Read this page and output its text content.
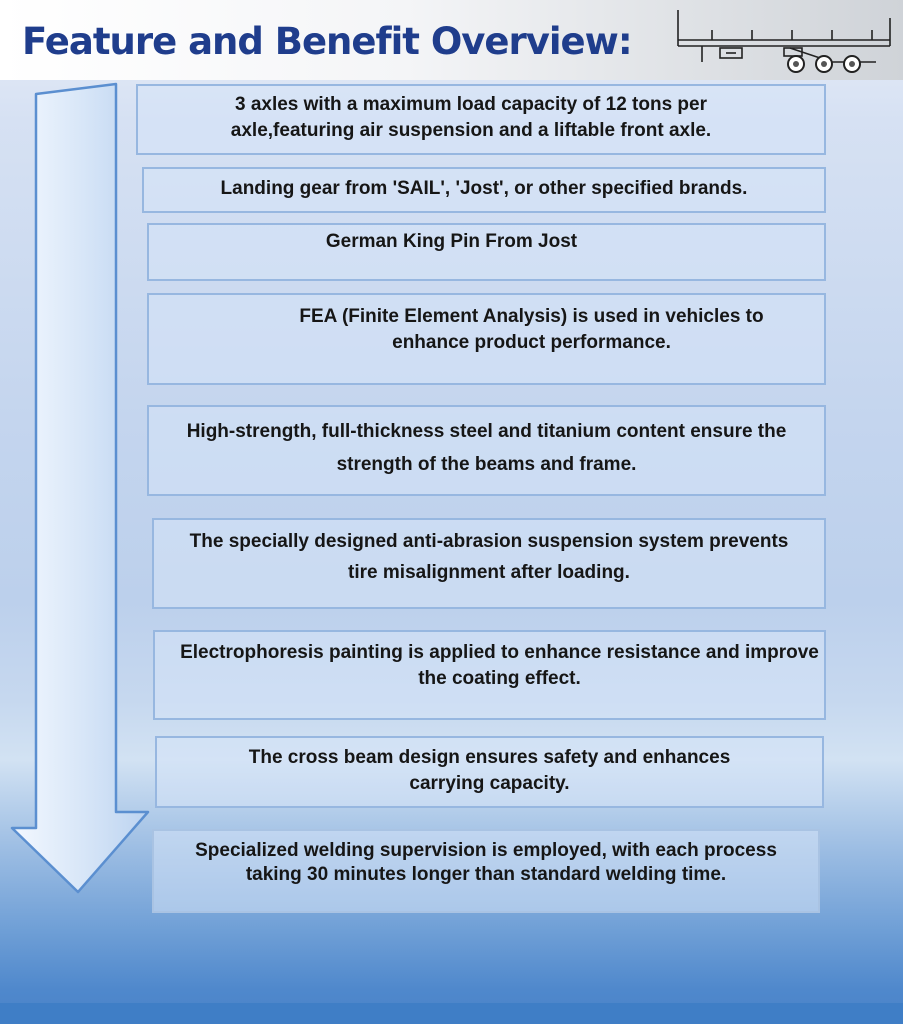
Feature and Benefit Overview:
3 axles with a maximum load capacity of 12 tons per axle,featuring air suspension and a liftable front axle.
Landing gear from 'SAIL', 'Jost', or other specified brands.
German King Pin From Jost
FEA (Finite Element Analysis) is used in vehicles to enhance product performance.
High-strength, full-thickness steel and titanium content ensure the strength of the beams and frame.
The specially designed anti-abrasion suspension system prevents tire misalignment after loading.
Electrophoresis painting is applied to enhance resistance and improve the coating effect.
The cross beam design ensures safety and enhances carrying capacity.
Specialized welding supervision is employed, with each process taking 30 minutes longer than standard welding time.
